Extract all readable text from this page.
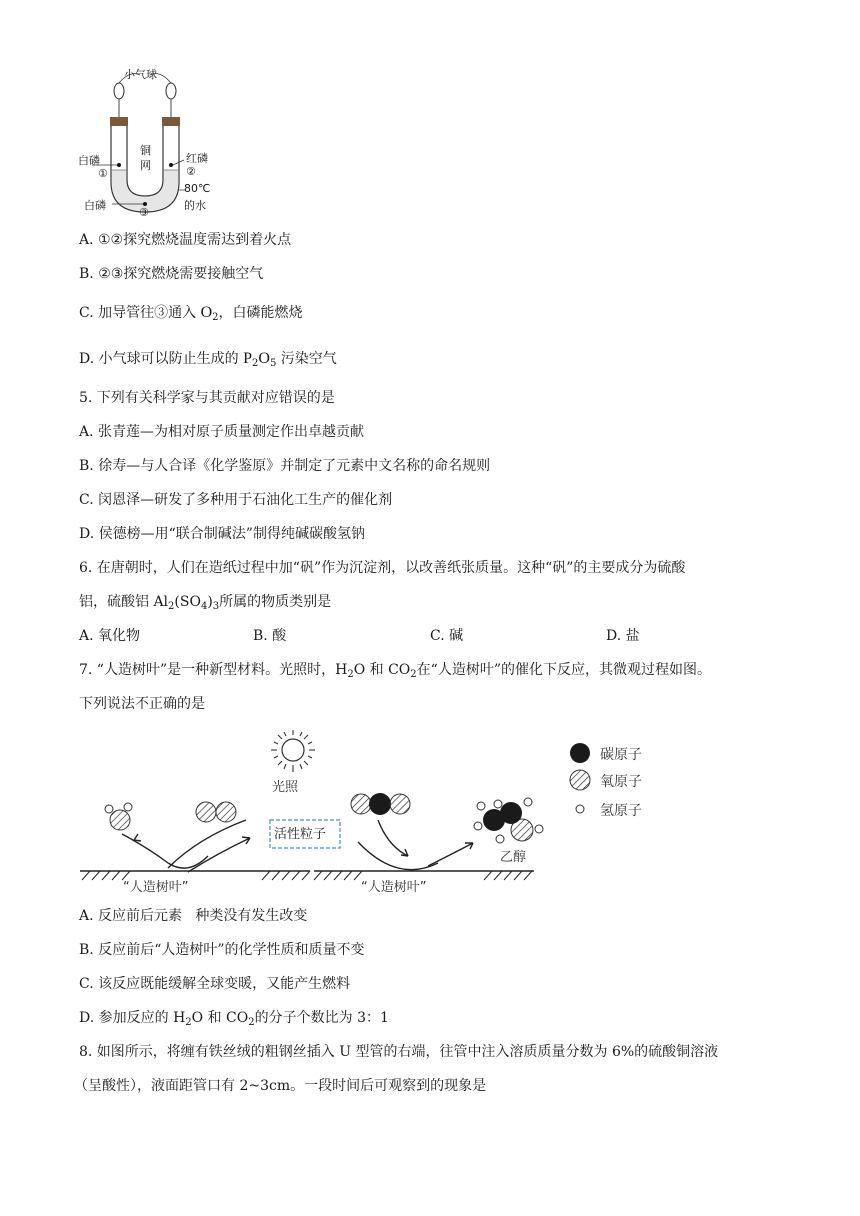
小气球
白磷
①
铜
网
红磷
②
80℃
的水
白磷
③
A. ①②探究燃烧温度需达到着火点
B. ②③探究燃烧需要接触空气
C. 加导管往③通入 $O_2$，白磷能燃烧
D. 小气球可以防止生成的 $P_2O_5$ 污染空气
5. 下列有关科学家与其贡献对应错误的是
A. 张青莲—为相对原子质量测定作出卓越贡献
B. 徐寿—与人合译《化学鉴原》并制定了元素中文名称的命名规则
C. 闵恩泽—研发了多种用于石油化工生产的催化剂
D. 侯德榜—用“联合制碱法”制得纯碱碳酸氢钠
6. 在唐朝时，人们在造纸过程中加“矾”作为沉淀剂，以改善纸张质量。这种“矾”的主要成分为硫酸
铝，硫酸铝 $Al_2(SO_4)_3$所属的物质类别是
A. 氧化物	B. 酸	C. 碱	D. 盐
7. “人造树叶”是一种新型材料。光照时，$H_2O$ 和 $CO_2$在“人造树叶”的催化下反应，其微观过程如图。
下列说法不正确的是
光照
活性粒子
“人造树叶”	“人造树叶”
乙醇
碳原子
氧原子
氢原子
A. 反应前后元素   种类没有发生改变
B. 反应前后“人造树叶”的化学性质和质量不变
C. 该反应既能缓解全球变暖，又能产生燃料
D. 参加反应的 $H_2O$ 和 $CO_2$的分子个数比为 3：1
8. 如图所示，将缠有铁丝绒的粗钢丝插入 U 型管的右端，往管中注入溶质质量分数为 6%的硫酸铜溶液
（呈酸性），液面距管口有 2~3cm。一段时间后可观察到的现象是
